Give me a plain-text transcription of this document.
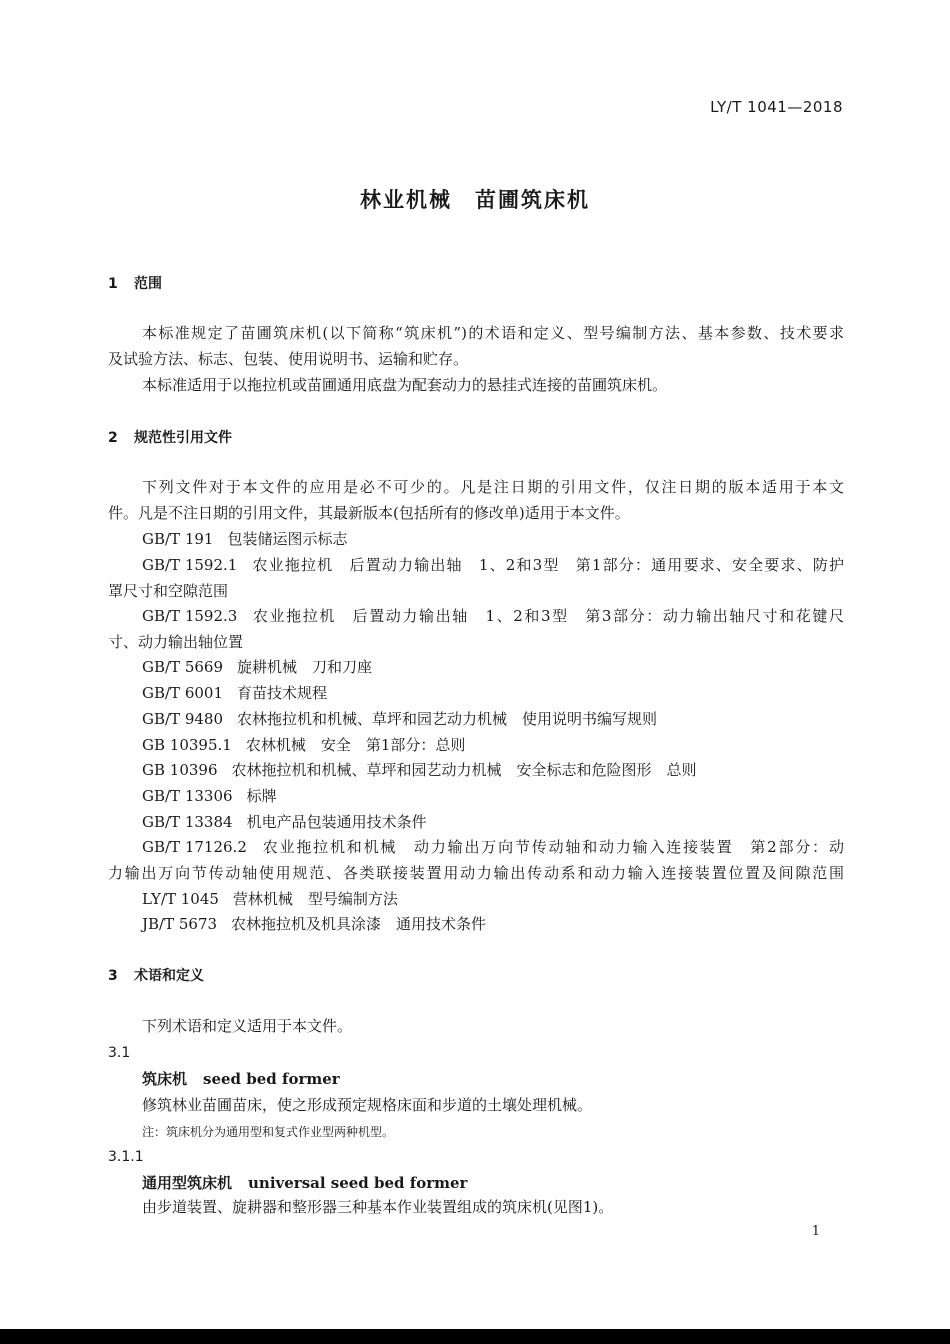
LY/T 1041—2018
林业机械　苗圃筑床机
1 范围
本标准规定了苗圃筑床机(以下简称“筑床机”)的术语和定义、型号编制方法、基本参数、技术要求
及试验方法、标志、包装、使用说明书、运输和贮存。
本标准适用于以拖拉机或苗圃通用底盘为配套动力的悬挂式连接的苗圃筑床机。
2 规范性引用文件
下列文件对于本文件的应用是必不可少的。凡是注日期的引用文件，仅注日期的版本适用于本文
件。凡是不注日期的引用文件，其最新版本(包括所有的修改单)适用于本文件。
GB/T 191 包装储运图示标志
GB/T 1592.1 农业拖拉机　后置动力输出轴　1、2和3型　第1部分：通用要求、安全要求、防护
罩尺寸和空隙范围
GB/T 1592.3 农业拖拉机　后置动力输出轴　1、2和3型　第3部分：动力输出轴尺寸和花键尺
寸、动力输出轴位置
GB/T 5669 旋耕机械　刀和刀座
GB/T 6001 育苗技术规程
GB/T 9480 农林拖拉机和机械、草坪和园艺动力机械　使用说明书编写规则
GB 10395.1 农林机械　安全　第1部分：总则
GB 10396 农林拖拉机和机械、草坪和园艺动力机械　安全标志和危险图形　总则
GB/T 13306 标牌
GB/T 13384 机电产品包装通用技术条件
GB/T 17126.2 农业拖拉机和机械　动力输出万向节传动轴和动力输入连接装置　第2部分：动
力输出万向节传动轴使用规范、各类联接装置用动力输出传动系和动力输入连接装置位置及间隙范围
LY/T 1045 营林机械　型号编制方法
JB/T 5673 农林拖拉机及机具涂漆　通用技术条件
3 术语和定义
下列术语和定义适用于本文件。
3.1
筑床机 seed bed former
修筑林业苗圃苗床，使之形成预定规格床面和步道的土壤处理机械。
注：筑床机分为通用型和复式作业型两种机型。
3.1.1
通用型筑床机 universal seed bed former
由步道装置、旋耕器和整形器三种基本作业装置组成的筑床机(见图1)。
1
